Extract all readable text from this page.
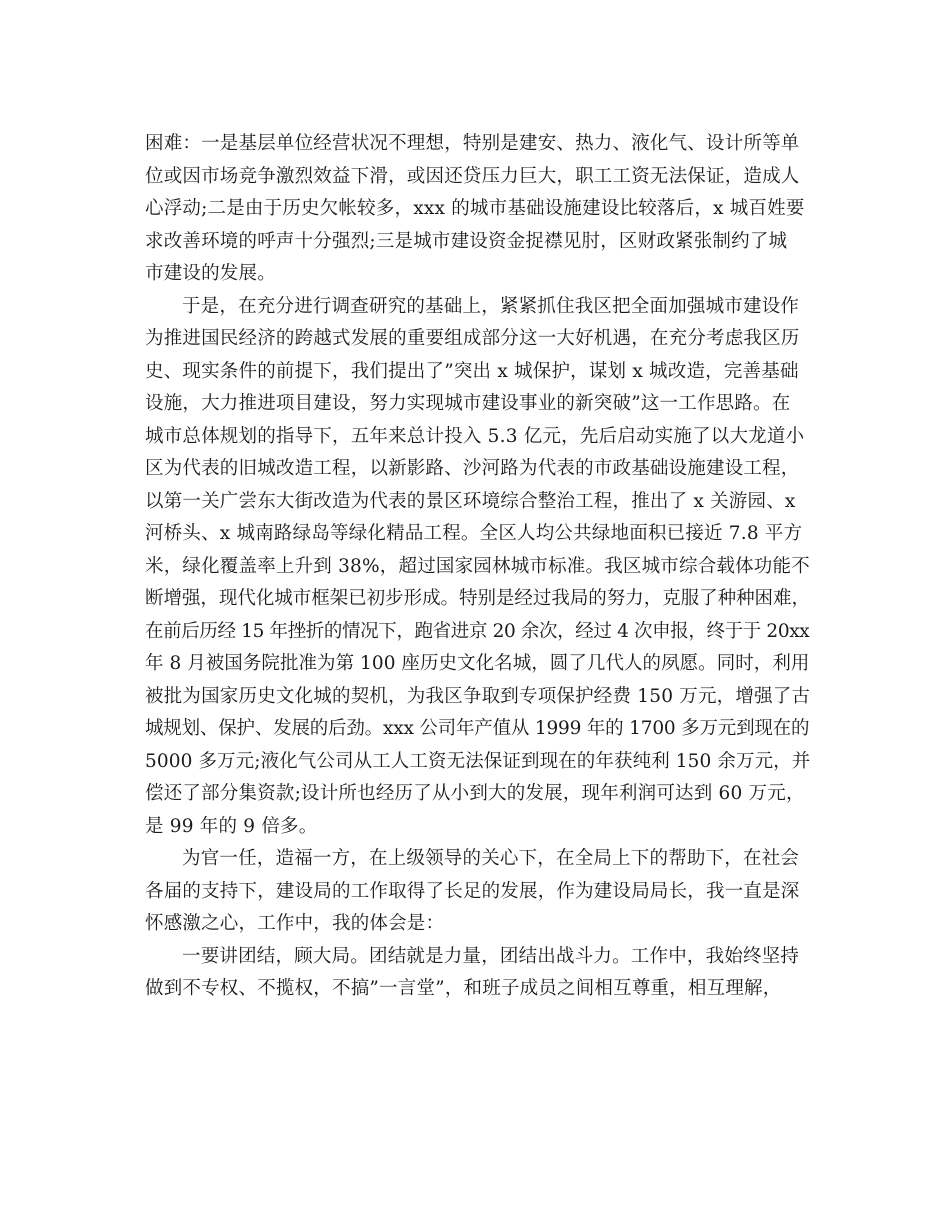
困难：一是基层单位经营状况不理想，特别是建安、热力、液化气、设计所等单
位或因市场竞争激烈效益下滑，或因还贷压力巨大，职工工资无法保证，造成人
心浮动;二是由于历史欠帐较多，xxx 的城市基础设施建设比较落后，x 城百姓要
求改善环境的呼声十分强烈;三是城市建设资金捉襟见肘，区财政紧张制约了城
市建设的发展。
于是，在充分进行调查研究的基础上，紧紧抓住我区把全面加强城市建设作
为推进国民经济的跨越式发展的重要组成部分这一大好机遇，在充分考虑我区历
史、现实条件的前提下，我们提出了”突出 x 城保护，谋划 x 城改造，完善基础
设施，大力推进项目建设，努力实现城市建设事业的新突破”这一工作思路。在
城市总体规划的指导下，五年来总计投入 5.3 亿元，先后启动实施了以大龙道小
区为代表的旧城改造工程，以新影路、沙河路为代表的市政基础设施建设工程，
以第一关广尝东大街改造为代表的景区环境综合整治工程，推出了 x 关游园、x
河桥头、x 城南路绿岛等绿化精品工程。全区人均公共绿地面积已接近 7.8 平方
米，绿化覆盖率上升到 38%，超过国家园林城市标准。我区城市综合载体功能不
断增强，现代化城市框架已初步形成。特别是经过我局的努力，克服了种种困难，
在前后历经 15 年挫折的情况下，跑省进京 20 余次，经过 4 次申报，终于于 20xx
年 8 月被国务院批准为第 100 座历史文化名城，圆了几代人的夙愿。同时，利用
被批为国家历史文化城的契机，为我区争取到专项保护经费 150 万元，增强了古
城规划、保护、发展的后劲。xxx 公司年产值从 1999 年的 1700 多万元到现在的
5000 多万元;液化气公司从工人工资无法保证到现在的年获纯利 150 余万元，并
偿还了部分集资款;设计所也经历了从小到大的发展，现年利润可达到 60 万元，
是 99 年的 9 倍多。
为官一任，造福一方，在上级领导的关心下，在全局上下的帮助下，在社会
各届的支持下，建设局的工作取得了长足的发展，作为建设局局长，我一直是深
怀感激之心，工作中，我的体会是：
一要讲团结，顾大局。团结就是力量，团结出战斗力。工作中，我始终坚持
做到不专权、不揽权，不搞”一言堂”，和班子成员之间相互尊重，相互理解，
